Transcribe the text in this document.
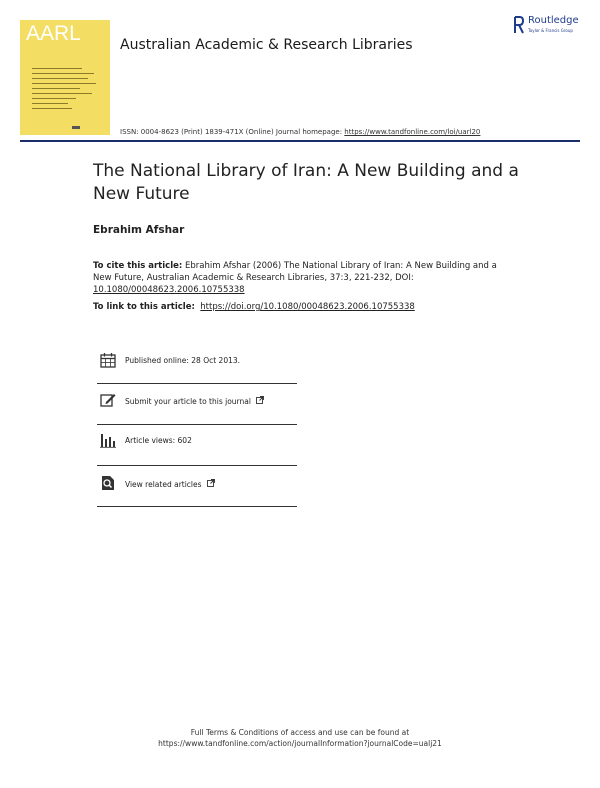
AARL	Australian Academic & Research Libraries
Routledge
Taylor & Francis Group
ISSN: 0004-8623 (Print) 1839-471X (Online) Journal homepage: https://www.tandfonline.com/loi/uarl20
The National Library of Iran: A New Building and a New Future
Ebrahim Afshar
To cite this article: Ebrahim Afshar (2006) The National Library of Iran: A New Building and a New Future, Australian Academic & Research Libraries, 37:3, 221-232, DOI: 10.1080/00048623.2006.10755338
To link to this article: https://doi.org/10.1080/00048623.2006.10755338
Published online: 28 Oct 2013.
Submit your article to this journal
Article views: 602
View related articles
Full Terms & Conditions of access and use can be found at
https://www.tandfonline.com/action/journalInformation?journalCode=ualj21
